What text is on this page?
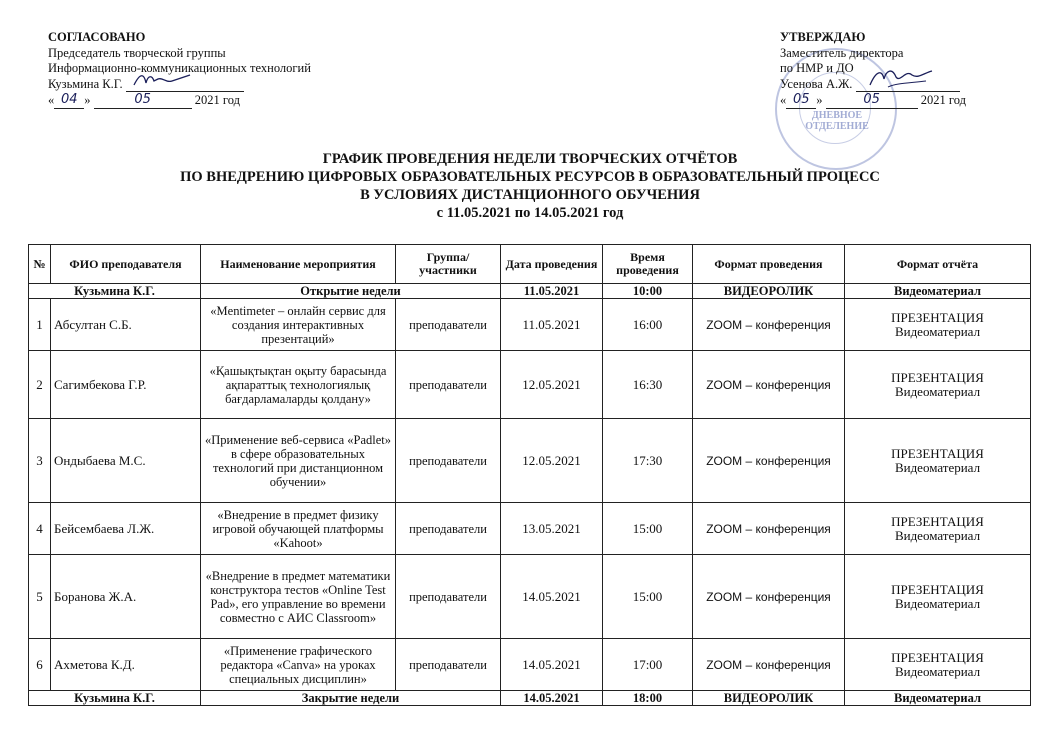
СОГЛАСОВАНО
Председатель творческой группы
Информационно-коммуникационных технологий
Кузьмина К.Г.
« 04 »	05	2021 год
ДНЕВНОЕ ОТДЕЛЕНИЕ
УТВЕРЖДАЮ
Заместитель директора
по НМР и ДО
Усенова А.Ж.
« 05 »	05	2021 год
ГРАФИК ПРОВЕДЕНИЯ НЕДЕЛИ ТВОРЧЕСКИХ ОТЧЁТОВ
ПО ВНЕДРЕНИЮ ЦИФРОВЫХ ОБРАЗОВАТЕЛЬНЫХ РЕСУРСОВ В ОБРАЗОВАТЕЛЬНЫЙ ПРОЦЕСС
В УСЛОВИЯХ ДИСТАНЦИОННОГО ОБУЧЕНИЯ
с 11.05.2021 по 14.05.2021 год
№	ФИО преподавателя	Наименование мероприятия	Группа/ участники	Дата проведения	Время проведения	Формат проведения	Формат отчёта
Кузьмина К.Г.		Открытие недели		11.05.2021	10:00	ВИДЕОРОЛИК	Видеоматериал
1	Абсултан С.Б.	«Mentimeter – онлайн сервис для создания интерактивных презентаций»	преподаватели	11.05.2021	16:00	ZOOM – конференция	ПРЕЗЕНТАЦИЯ
Видеоматериал

2	Сагимбекова Г.Р.	«Қашықтықтан оқыту барасында ақпараттық технологиялық бағдарламаларды қолдану»	преподаватели	12.05.2021	16:30	ZOOM – конференция	ПРЕЗЕНТАЦИЯ
Видеоматериал

3	Ондыбаева М.С.	«Применение веб-сервиса «Padlet» в сфере образовательных технологий при дистанционном обучении»	преподаватели	12.05.2021	17:30	ZOOM – конференция	ПРЕЗЕНТАЦИЯ
Видеоматериал

4	Бейсембаева Л.Ж.	«Внедрение в предмет физику игровой обучающей платформы «Kahoot»	преподаватели	13.05.2021	15:00	ZOOM – конференция	ПРЕЗЕНТАЦИЯ
Видеоматериал

5	Боранова Ж.А.	«Внедрение в предмет математики конструктора тестов «Online Test Pad», его управление во времени совместно с АИС Classroom»	преподаватели	14.05.2021	15:00	ZOOM – конференция	ПРЕЗЕНТАЦИЯ
Видеоматериал

6	Ахметова К.Д.	«Применение графического редактора «Canva» на уроках специальных дисциплин»	преподаватели	14.05.2021	17:00	ZOOM – конференция	ПРЕЗЕНТАЦИЯ
Видеоматериал

Кузьмина К.Г.		Закрытие недели		14.05.2021	18:00	ВИДЕОРОЛИК	Видеоматериал
